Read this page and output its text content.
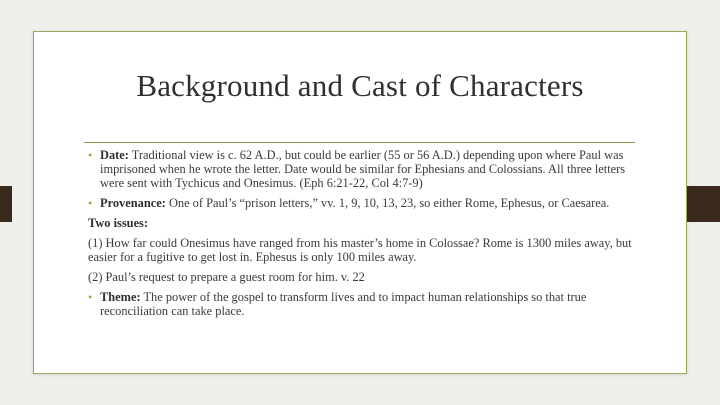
Background and Cast of Characters
• Date: Traditional view is c. 62 A.D., but could be earlier (55 or 56 A.D.) depending upon where Paul was imprisoned when he wrote the letter. Date would be similar for Ephesians and Colossians. All three letters were sent with Tychicus and Onesimus. (Eph 6:21-22, Col 4:7-9)
• Provenance: One of Paul’s “prison letters,” vv. 1, 9, 10, 13, 23, so either Rome, Ephesus, or Caesarea.
Two issues:
(1) How far could Onesimus have ranged from his master’s home in Colossae? Rome is 1300 miles away, but easier for a fugitive to get lost in. Ephesus is only 100 miles away.
(2) Paul’s request to prepare a guest room for him. v. 22
• Theme: The power of the gospel to transform lives and to impact human relationships so that true reconciliation can take place.
